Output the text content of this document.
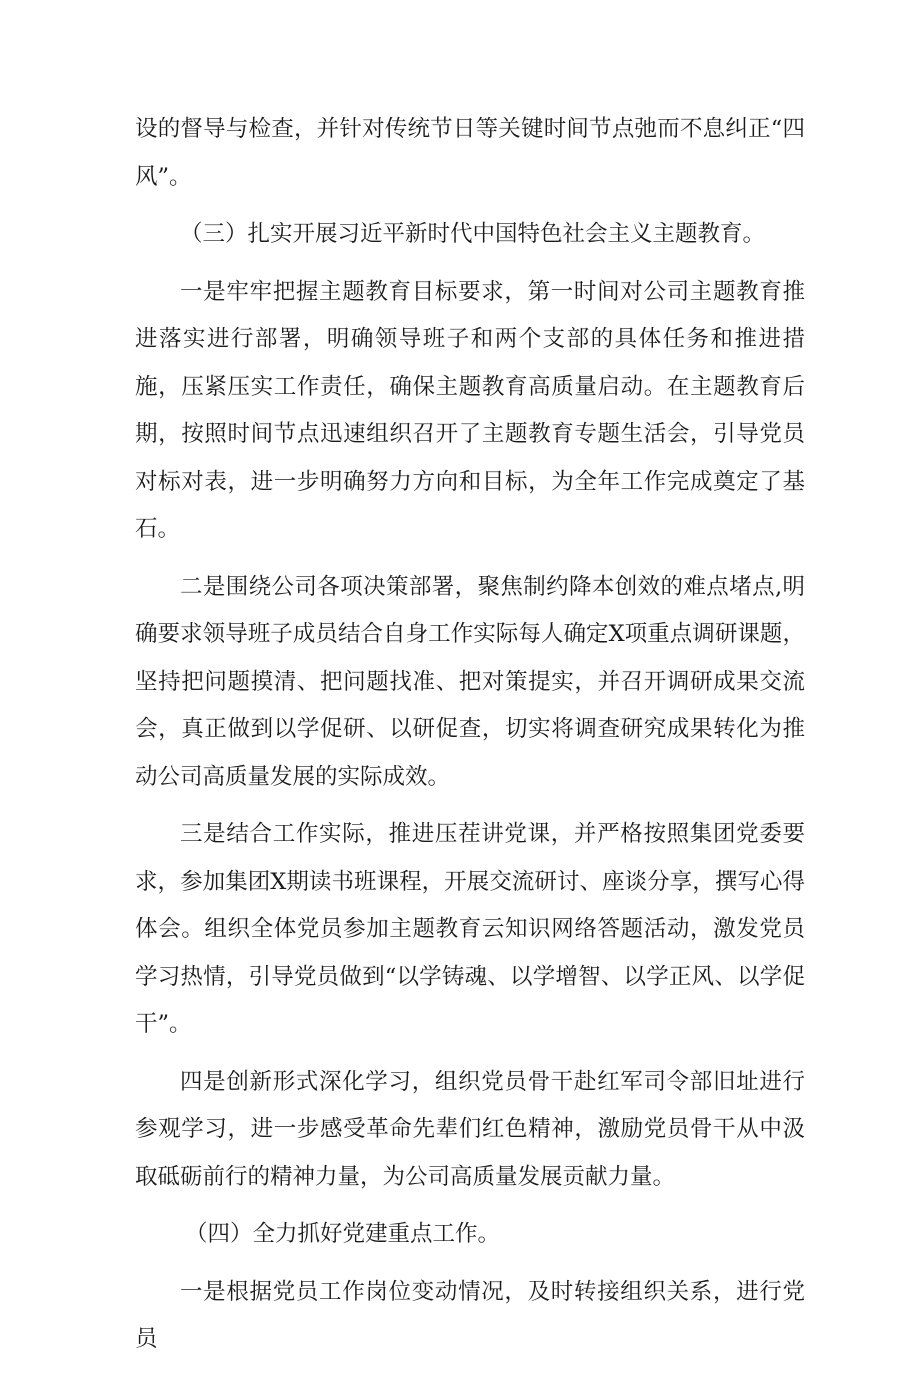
设的督导与检查，并针对传统节日等关键时间节点弛而不息纠正“四风”。

（三）扎实开展习近平新时代中国特色社会主义主题教育。

一是牢牢把握主题教育目标要求，第一时间对公司主题教育推进落实进行部署，明确领导班子和两个支部的具体任务和推进措施，压紧压实工作责任，确保主题教育高质量启动。在主题教育后期，按照时间节点迅速组织召开了主题教育专题生活会，引导党员对标对表，进一步明确努力方向和目标，为全年工作完成奠定了基石。

二是围绕公司各项决策部署，聚焦制约降本创效的难点堵点,明确要求领导班子成员结合自身工作实际每人确定X项重点调研课题，坚持把问题摸清、把问题找准、把对策提实，并召开调研成果交流会，真正做到以学促研、以研促查，切实将调查研究成果转化为推动公司高质量发展的实际成效。

三是结合工作实际，推进压茬讲党课，并严格按照集团党委要求，参加集团X期读书班课程，开展交流研讨、座谈分享，撰写心得体会。组织全体党员参加主题教育云知识网络答题活动，激发党员学习热情，引导党员做到“以学铸魂、以学增智、以学正风、以学促干”。

四是创新形式深化学习，组织党员骨干赴红军司令部旧址进行参观学习，进一步感受革命先辈们红色精神，激励党员骨干从中汲取砥砺前行的精神力量，为公司高质量发展贡献力量。

（四）全力抓好党建重点工作。

一是根据党员工作岗位变动情况，及时转接组织关系，进行党员
